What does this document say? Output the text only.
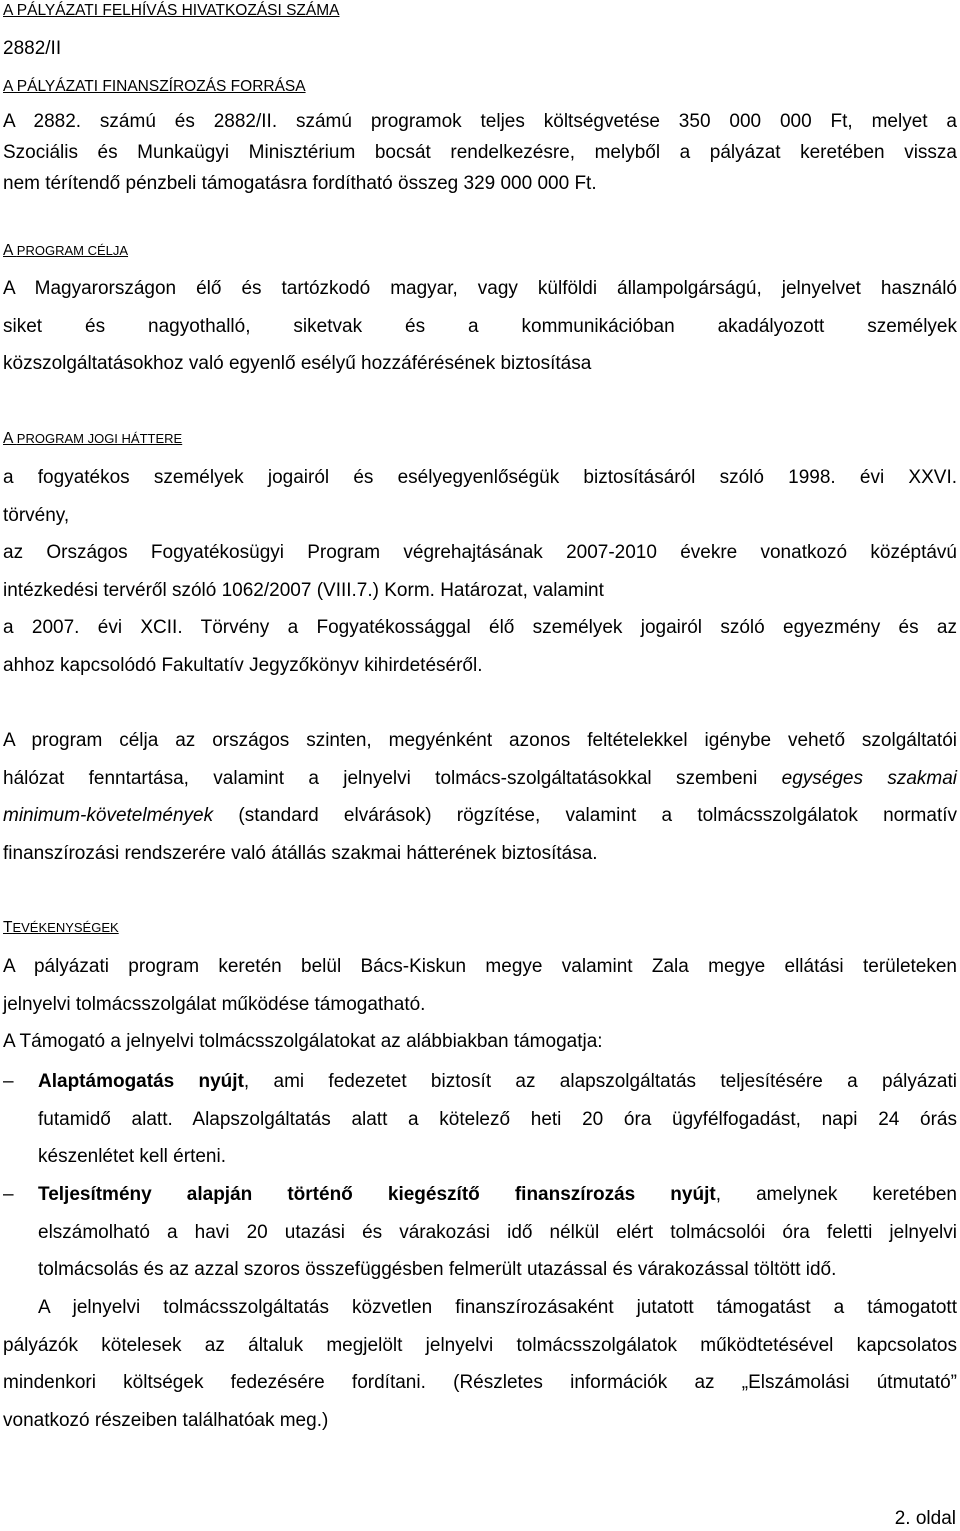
A PÁLYÁZATI FELHÍVÁS HIVATKOZÁSI SZÁMA
2882/II
A PÁLYÁZATI FINANSZÍROZÁS FORRÁSA
A 2882. számú és 2882/II. számú programok teljes költségvetése 350 000 000 Ft, melyet a
Szociális és Munkaügyi Minisztérium bocsát rendelkezésre, melyből a pályázat keretében vissza
nem térítendő pénzbeli támogatásra fordítható összeg 329 000 000 Ft.
A PROGRAM CÉLJA
A Magyarországon élő és tartózkodó magyar, vagy külföldi állampolgárságú, jelnyelvet használó
siket és nagyothalló, siketvak és a kommunikációban akadályozott személyek
közszolgáltatásokhoz való egyenlő esélyű hozzáférésének biztosítása
A PROGRAM JOGI HÁTTERE
a fogyatékos személyek jogairól és esélyegyenlőségük biztosításáról szóló 1998. évi XXVI.
törvény,
az Országos Fogyatékosügyi Program végrehajtásának 2007-2010 évekre vonatkozó középtávú
intézkedési tervéről szóló 1062/2007 (VIII.7.) Korm. Határozat, valamint
a 2007. évi XCII. Törvény a Fogyatékossággal élő személyek jogairól szóló egyezmény és az
ahhoz kapcsolódó Fakultatív Jegyzőkönyv kihirdetéséről.
A program célja az országos szinten, megyénként azonos feltételekkel igénybe vehető szolgáltatói
hálózat fenntartása, valamint a jelnyelvi tolmács-szolgáltatásokkal szembeni egységes szakmai
minimum-követelmények (standard elvárások) rögzítése, valamint a tolmácsszolgálatok normatív
finanszírozási rendszerére való átállás szakmai hátterének biztosítása.
TEVÉKENYSÉGEK
A pályázati program keretén belül Bács-Kiskun megye valamint Zala megye ellátási területeken
jelnyelvi tolmácsszolgálat működése támogatható.
A Támogató a jelnyelvi tolmácsszolgálatokat az alábbiakban támogatja:
– Alaptámogatás nyújt, ami fedezetet biztosít az alapszolgáltatás teljesítésére a pályázati
futamidő alatt. Alapszolgáltatás alatt a kötelező heti 20 óra ügyfélfogadást, napi 24 órás
készenlétet kell érteni.
– Teljesítmény alapján történő kiegészítő finanszírozás nyújt, amelynek keretében
elszámolható a havi 20 utazási és várakozási idő nélkül elért tolmácsolói óra feletti jelnyelvi
tolmácsolás és az azzal szoros összefüggésben felmerült utazással és várakozással töltött idő.
A jelnyelvi tolmácsszolgáltatás közvetlen finanszírozásaként jutatott támogatást a támogatott
pályázók kötelesek az általuk megjelölt jelnyelvi tolmácsszolgálatok működtetésével kapcsolatos
mindenkori költségek fedezésére fordítani. (Részletes információk az „Elszámolási útmutató”
vonatkozó részeiben találhatóak meg.)
2. oldal
